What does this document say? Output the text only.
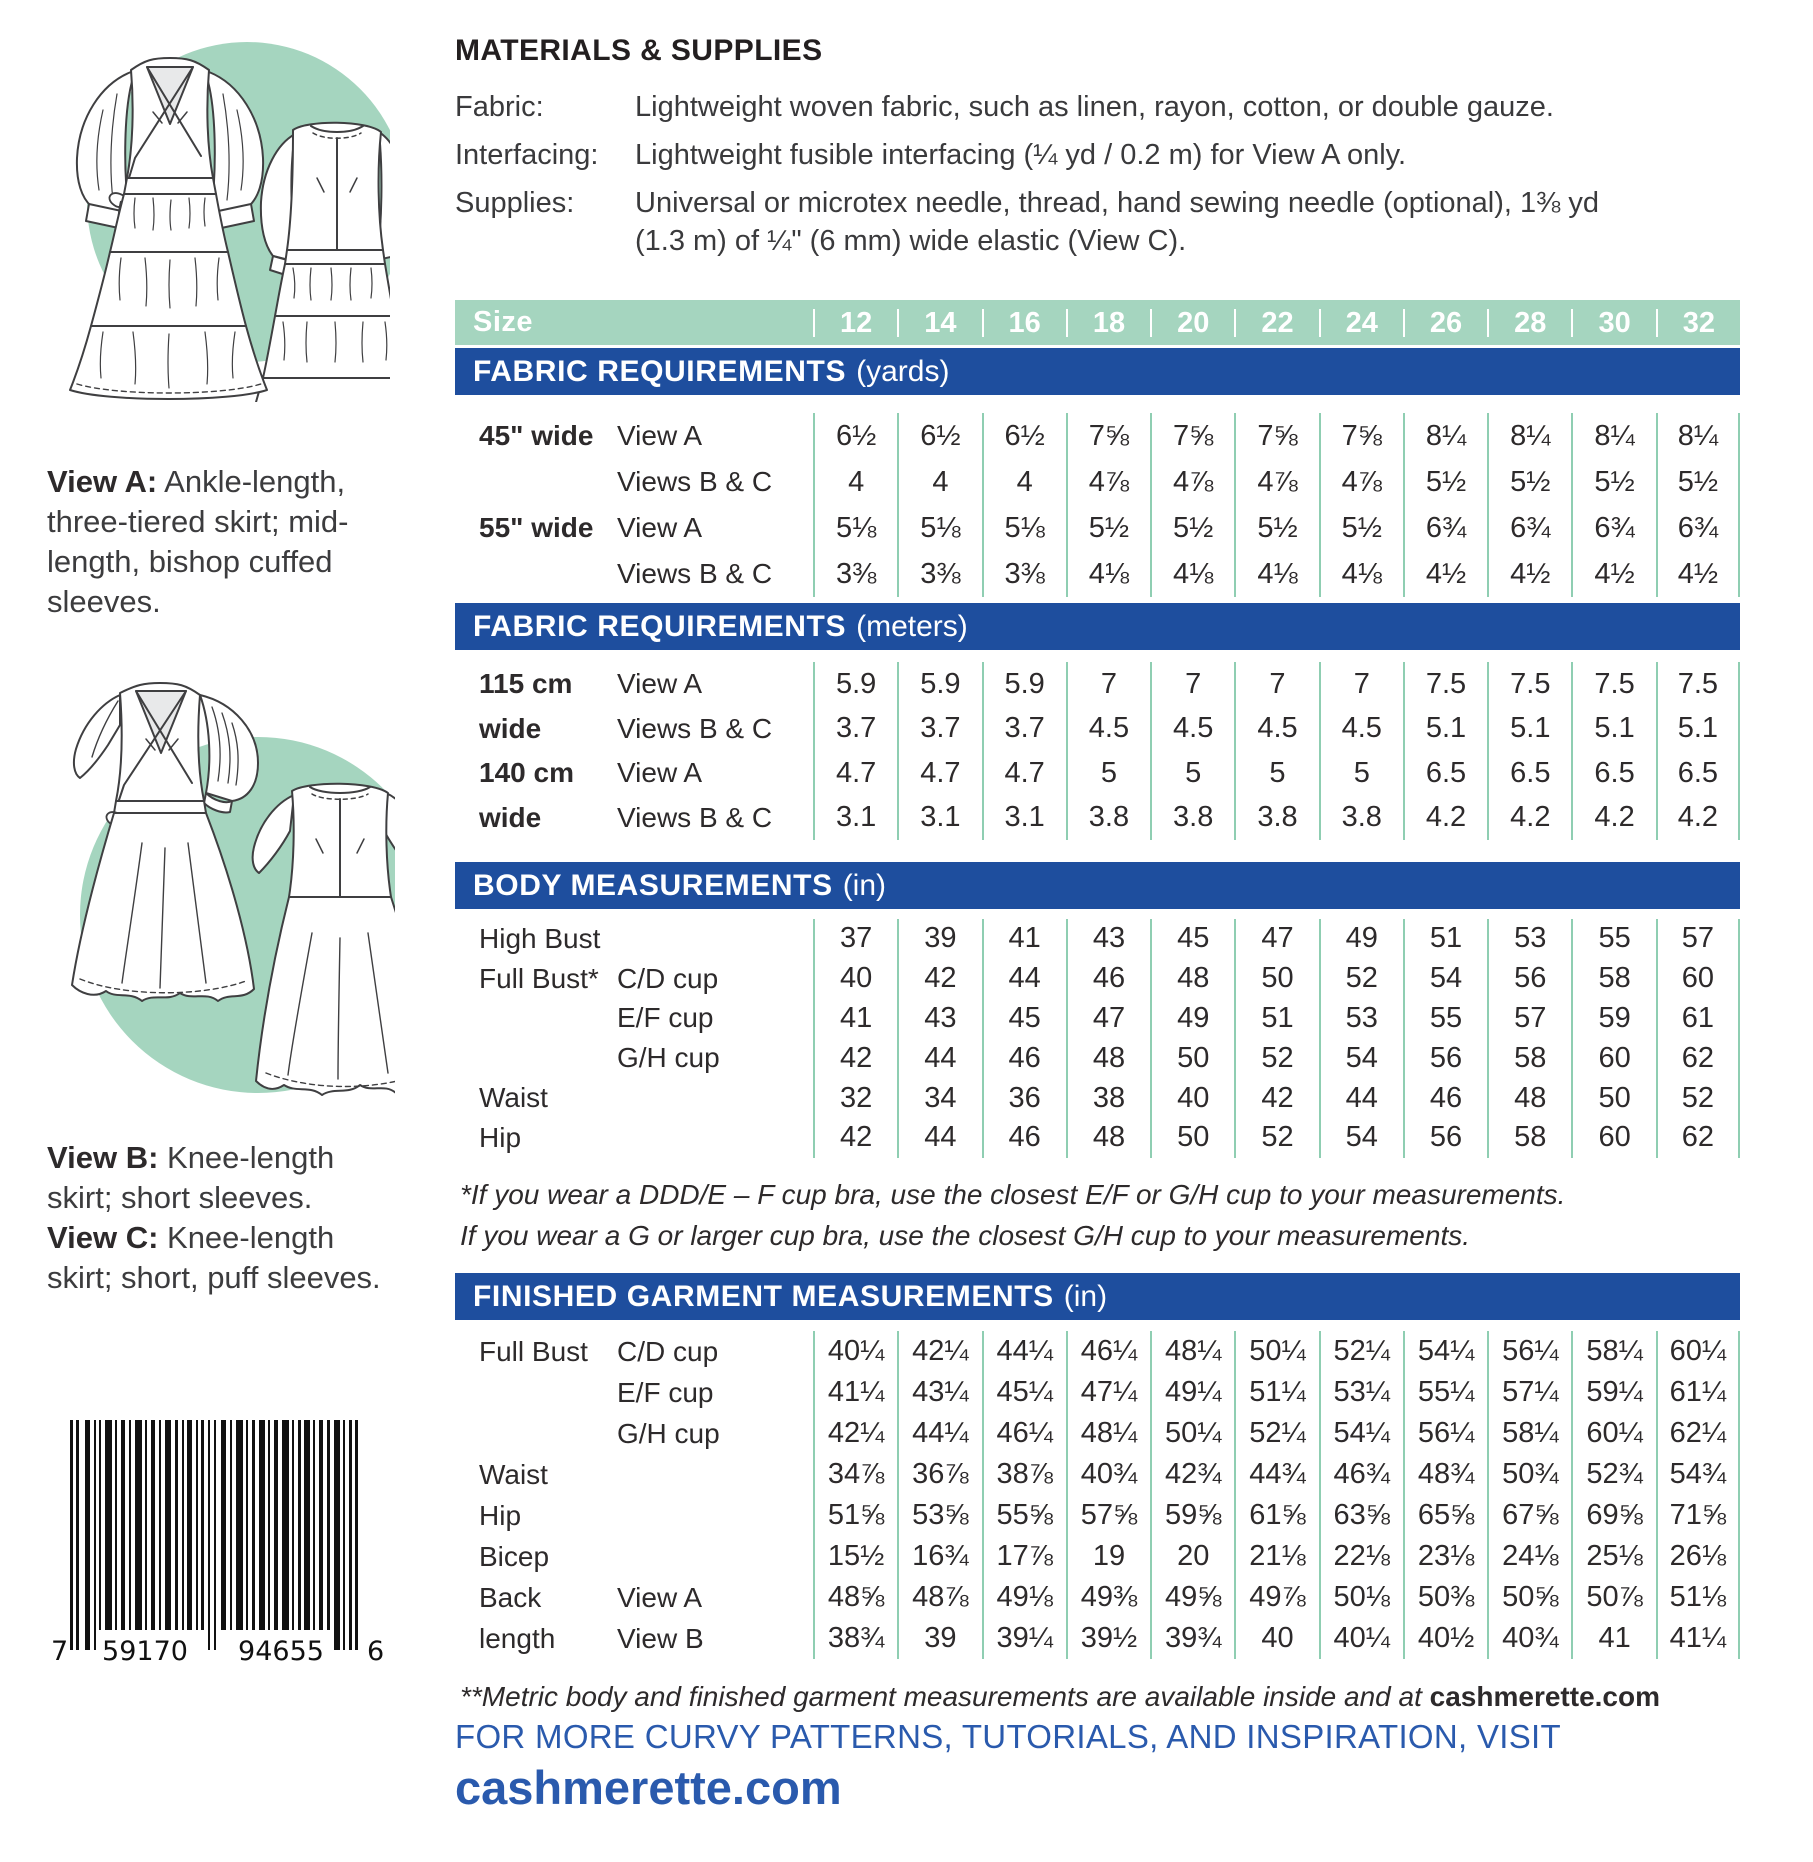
View A: Ankle-length, three-tiered skirt; mid-length, bishop cuffed sleeves.

View B: Knee-length skirt; short sleeves. View C: Knee-length skirt; short, puff sleeves.

7 59170 94655 6
MATERIALS & SUPPLIES
Fabric:	Lightweight woven fabric, such as linen, rayon, cotton, or double gauze.
Interfacing:	Lightweight fusible interfacing (¼ yd / 0.2 m) for View A only.
Supplies:	Universal or microtex needle, thread, hand sewing needle (optional), 1⅜ yd
(1.3 m) of ¼" (6 mm) wide elastic (View C).
Size	12	14	16	18	20	22	24	26	28	30	32
FABRIC REQUIREMENTS (yards)
45" wide View A	6½	6½	6½	7⅝	7⅝	7⅝	7⅝	8¼	8¼	8¼	8¼
Views B & C	4	4	4	4⅞	4⅞	4⅞	4⅞	5½	5½	5½	5½
55" wide View A	5⅛	5⅛	5⅛	5½	5½	5½	5½	6¾	6¾	6¾	6¾
Views B & C	3⅜	3⅜	3⅜	4⅛	4⅛	4⅛	4⅛	4½	4½	4½	4½
FABRIC REQUIREMENTS (meters)
115 cm	View A	5.9	5.9	5.9	7	7	7	7	7.5	7.5	7.5	7.5
wide	Views B & C	3.7	3.7	3.7	4.5	4.5	4.5	4.5	5.1	5.1	5.1	5.1
140 cm	View A	4.7	4.7	4.7	5	5	5	5	6.5	6.5	6.5	6.5
wide	Views B & C	3.1	3.1	3.1	3.8	3.8	3.8	3.8	4.2	4.2	4.2	4.2
BODY MEASUREMENTS (in)
High Bust	37	39	41	43	45	47	49	51	53	55	57
Full Bust* C/D cup	40	42	44	46	48	50	52	54	56	58	60
E/F cup	41	43	45	47	49	51	53	55	57	59	61
G/H cup	42	44	46	48	50	52	54	56	58	60	62
Waist	32	34	36	38	40	42	44	46	48	50	52
Hip	42	44	46	48	50	52	54	56	58	60	62

*If you wear a DDD/E – F cup bra, use the closest E/F or G/H cup to your measurements.
If you wear a G or larger cup bra, use the closest G/H cup to your measurements.

FINISHED GARMENT MEASUREMENTS (in)
Full Bust	C/D cup	40¼ 42¼ 44¼ 46¼ 48¼ 50¼ 52¼ 54¼ 56¼ 58¼ 60¼
E/F cup	41¼ 43¼ 45¼ 47¼ 49¼ 51¼ 53¼ 55¼ 57¼ 59¼ 61¼
G/H cup	42¼ 44¼ 46¼ 48¼ 50¼ 52¼ 54¼ 56¼ 58¼ 60¼ 62¼
Waist	34⅞ 36⅞ 38⅞ 40¾ 42¾ 44¾ 46¾ 48¾ 50¾ 52¾ 54¾
Hip	51⅝ 53⅝ 55⅝ 57⅝ 59⅝ 61⅝ 63⅝ 65⅝ 67⅝ 69⅝ 71⅝
Bicep	15½ 16¾ 17⅞	19	20	21⅛ 22⅛ 23⅛ 24⅛ 25⅛ 26⅛
Back	View A	48⅝ 48⅞ 49⅛ 49⅜ 49⅝ 49⅞ 50⅛ 50⅜ 50⅝ 50⅞ 51⅛
length	View B	38¾	39	39¼ 39½ 39¾	40	40¼ 40½ 40¾	41	41¼

**Metric body and finished garment measurements are available inside and at cashmerette.com

FOR MORE CURVY PATTERNS, TUTORIALS, AND INSPIRATION, VISIT
cashmerette.com
